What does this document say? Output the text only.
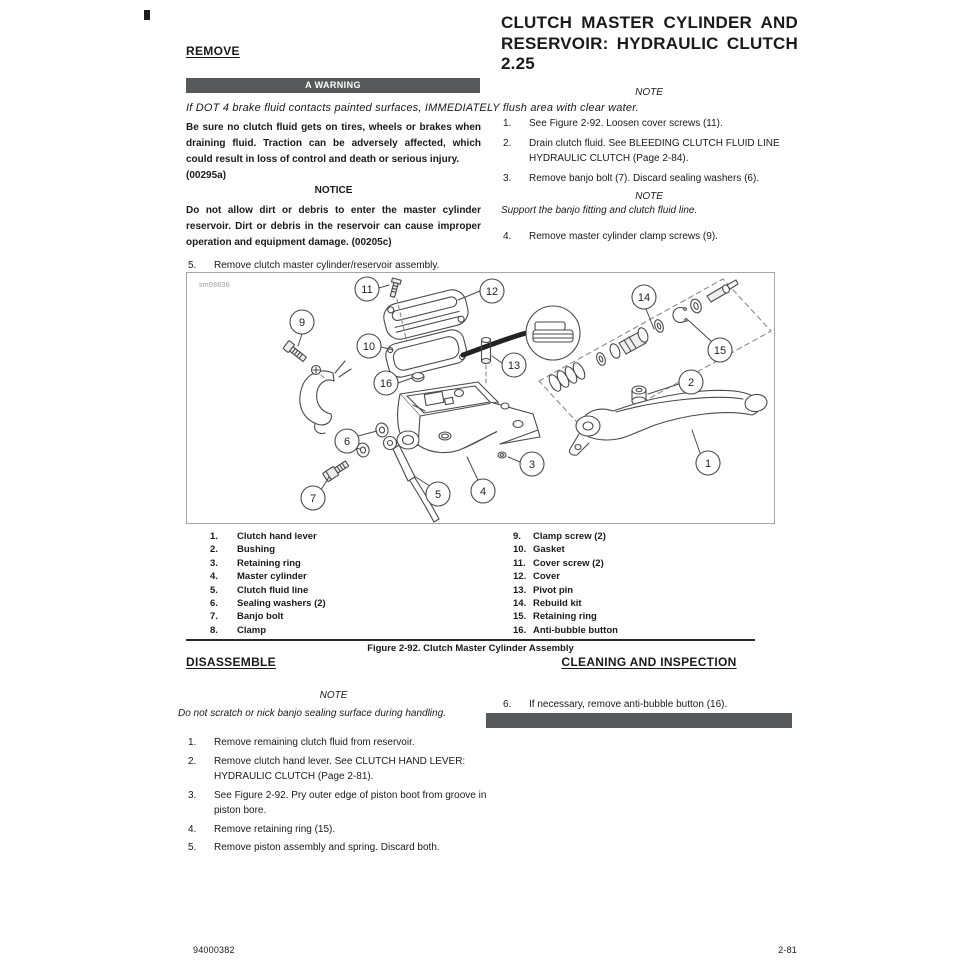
CLUTCH MASTER CYLINDER AND
RESERVOIR: HYDRAULIC CLUTCH
2.25
REMOVE
A WARNING
NOTE
If DOT 4 brake fluid contacts painted surfaces, IMMEDIATELY flush area with clear water.
Be sure no clutch fluid gets on tires, wheels or brakes when draining fluid. Traction can be adversely affected, which could result in loss of control and death or serious injury.
(00295a)
1.	See Figure 2-92. Loosen cover screws (11).
2.	Drain clutch fluid. See BLEEDING CLUTCH FLUID LINE HYDRAULIC CLUTCH (Page 2-84).
3.	Remove banjo bolt (7). Discard sealing washers (6).
NOTE
Support the banjo fitting and clutch fluid line.
4.	Remove master cylinder clamp screws (9).
NOTICE
Do not allow dirt or debris to enter the master cylinder reservoir. Dirt or debris in the reservoir can cause improper operation and equipment damage. (00205c)
5.	Remove clutch master cylinder/reservoir assembly.
sm08636
1
2
3
4
5
6
7
9
10
11	12
13
14
15
16
1.	Clutch hand lever
2.	Bushing
3.	Retaining ring
4.	Master cylinder
5.	Clutch fluid line
6.	Sealing washers (2)
7.	Banjo bolt
8.	Clamp
9.	Clamp screw (2)
10. Gasket
11. Cover screw (2)
12. Cover
13. Pivot pin
14. Rebuild kit
15. Retaining ring
16. Anti-bubble button
Figure 2-92. Clutch Master Cylinder Assembly
DISASSEMBLE
NOTE
Do not scratch or nick banjo sealing surface during handling.
1.	Remove remaining clutch fluid from reservoir.
2.	Remove clutch hand lever. See CLUTCH HAND LEVER: HYDRAULIC CLUTCH (Page 2-81).
3.	See Figure 2-92. Pry outer edge of piston boot from groove in piston bore.
4.	Remove retaining ring (15).
5.	Remove piston assembly and spring. Discard both.
CLEANING AND INSPECTION
6.	If necessary, remove anti-bubble button (16).
94000382	2-81
